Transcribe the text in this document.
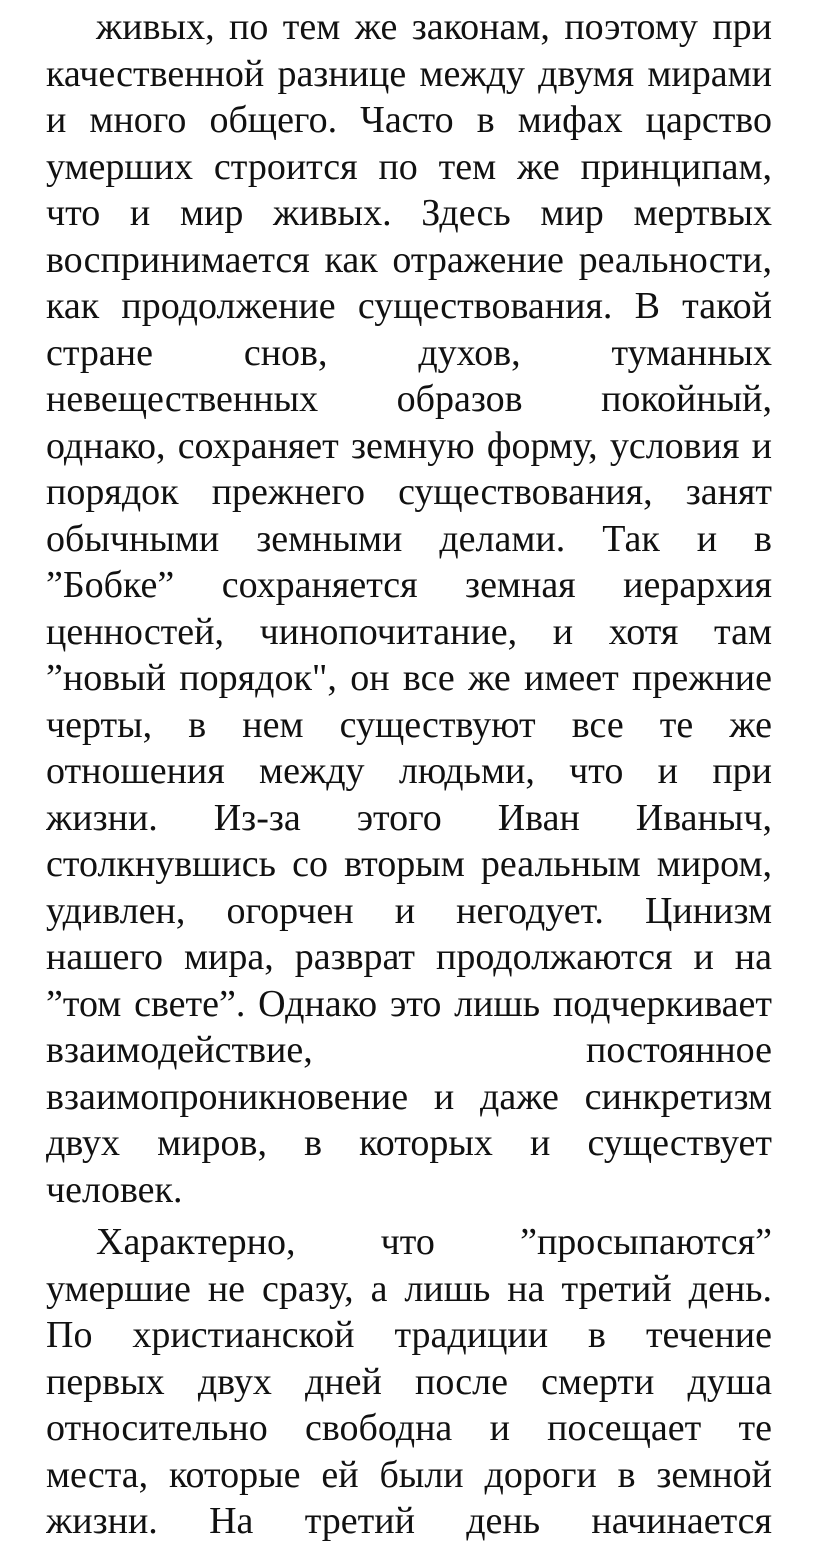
живых, по тем же законам, поэтому при
качественной разнице между двумя мирами
и много общего. Часто в мифах царство
умерших строится по тем же принципам,
что и мир живых. Здесь мир мертвых
воспринимается как отражение реальности,
как продолжение существования. В такой
стране снов, духов, туманных
невещественных образов покойный,
однако, сохраняет земную форму, условия и
порядок прежнего существования, занят
обычными земными делами. Так и в
”Бобке” сохраняется земная иерархия
ценностей, чинопочитание, и хотя там
”новый порядок", он все же имеет прежние
черты, в нем существуют все те же
отношения между людьми, что и при
жизни. Из-за этого Иван Иваныч,
столкнувшись со вторым реальным миром,
удивлен, огорчен и негодует. Цинизм
нашего мира, разврат продолжаются и на
”том свете”. Однако это лишь подчеркивает
взаимодействие, постоянное
взаимопроникновение и даже синкретизм
двух миров, в которых и существует
человек.
Характерно, что ”просыпаются”
умершие не сразу, а лишь на третий день.
По христианской традиции в течение
первых двух дней после смерти душа
относительно свободна и посещает те
места, которые ей были дороги в земной
жизни. На третий день начинается
